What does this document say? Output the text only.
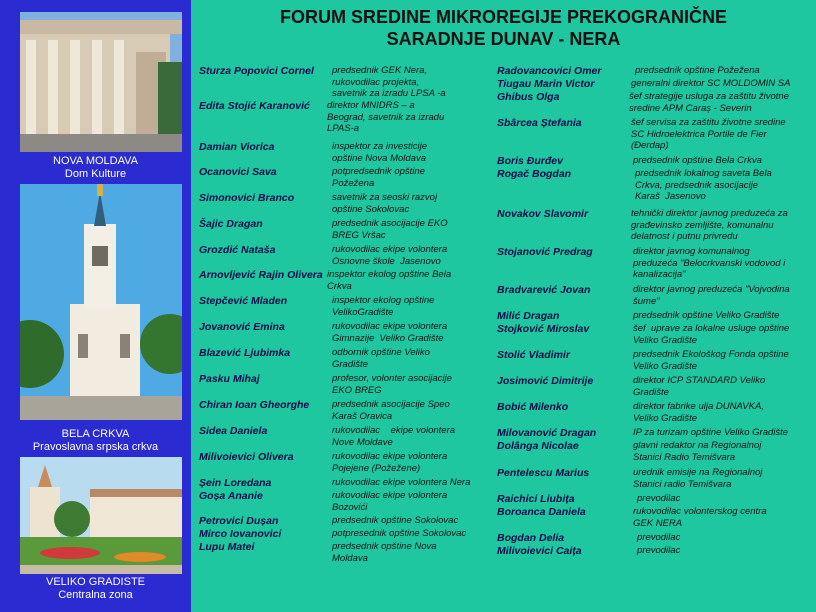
NOVA MOLDAVA
Dom Kulture
BELA CRKVA
Pravoslavna srpska crkva
VELIKO GRADISTE
Centralna zona
FORUM SREDINE MIKROREGIJE PREKOGRANIČNE
SARADNJE DUNAV - NERA
Sturza Popovici Cornel predsednik GEK Nera,
rukovodilac projekta,
savetnik za izradu LPSA -a
Edita Stojić Karanović direktor MNIDRS – a
Beograd, savetnik za izradu
LPAS-a
Damian Viorica	inspektor za investicije
opštine Nova Moldava
Ocanovici Sava	potpredsednik opštine
Požežena
Simonovici Branco	savetnik za seoski razvoj
opštine Sokolovac
Šajic Dragan	predsednik asocijacije EKO
BREG Vršac
Grozdić Nataša	rukovodilac ekipe volontera
Osnovne škole  Jasenovo
Arnovljević Rajin Olivera inspektor ekolog opštine Bela
Crkva
Stepčević Mladen	inspektor ekolog opštine
VelikoGradište
Jovanović Emina	rukovodilac ekipe volontera
Gimnazije  Veliko Gradište
Blazević Ljubimka	odbornik opštine Veliko
Gradište
Pasku Mihaj	profesor, volonter asocijacije
EKO BREG
Chiran Ioan Gheorghe predsednik asocijacije Speo
Karaš Oravica
Sidea Daniela	rukovodilac    ekipe volontera
Nove Moldave
Milivoievici Olivera	rukovodilac ekipe volontera
Pojejene (Požežene)
Șein Loredana	rukovodilac ekipe volontera Nera
Goșa Ananie	rukovodilac ekipe volontera
Bozovići
Petrovici Dușan	predsednik opštine Sokolovac
Mirco Iovanovici	potpresednik opštine Sokolovac
Lupu Matei	predsednik opštine Nova
Moldava
Radovancovici Omer	predsednik opštine Požežena
Tiugau Marin Victor	generalni direktor SC MOLDOMIN SA
Ghibus Olga	šef strategije usluga za zaštitu životne
sredine APM Caraș - Severin
Sbârcea Ștefania	šef servisa za zaštitu životne sredine
SC Hidroelektrica Portile de Fier
(Đerdap)
Boris Đurđev	predsednik opštine Bela Crkva
Rogač Bogdan	predsednik lokalnog saveta Bela
Crkva, predsednik asocijacije
Karaš  Jasenovo
Novakov Slavomir	tehnički direktor javnog preduzeća za
građevinsko zemljište, komunalnu
delatnost i putnu privredu
Stojanović Predrag	direktor javnog komunalnog
preduzeća "Belocrkvanski vodovod i
kanalizacija"
Bradvarević Jovan	direktor javnog preduzeća "Vojvodina
šume"
Milić Dragan	predsednik opštine Veliko Gradište
Stojković Miroslav	šef  uprave za lokalne usluge opštine
Veliko Gradište
Stolić Vladimir	predsednik Ekološkog Fonda opštine
Veliko Gradište
Josimović Dimitrije	direktor ICP STANDARD Veliko
Gradište
Bobić Milenko	direktor fabrike ulja DUNAVKA,
Veliko Gradište
Milovanović Dragan	IP za turizam opštine Veliko Gradište
Dolânga Nicolae	glavni redaktor na Regionalnoj
Stanici Radio Temišvara
Pentelescu Marius	urednik emisije na Regionalnoj
Stanici radio Temišvara
Raichici Liubița	prevodilac
Boroanca Daniela	rukovodilac volonterskog centra
GEK NERA
Bogdan Delia	prevodilac
Milivoievici Caița	prevodilac
